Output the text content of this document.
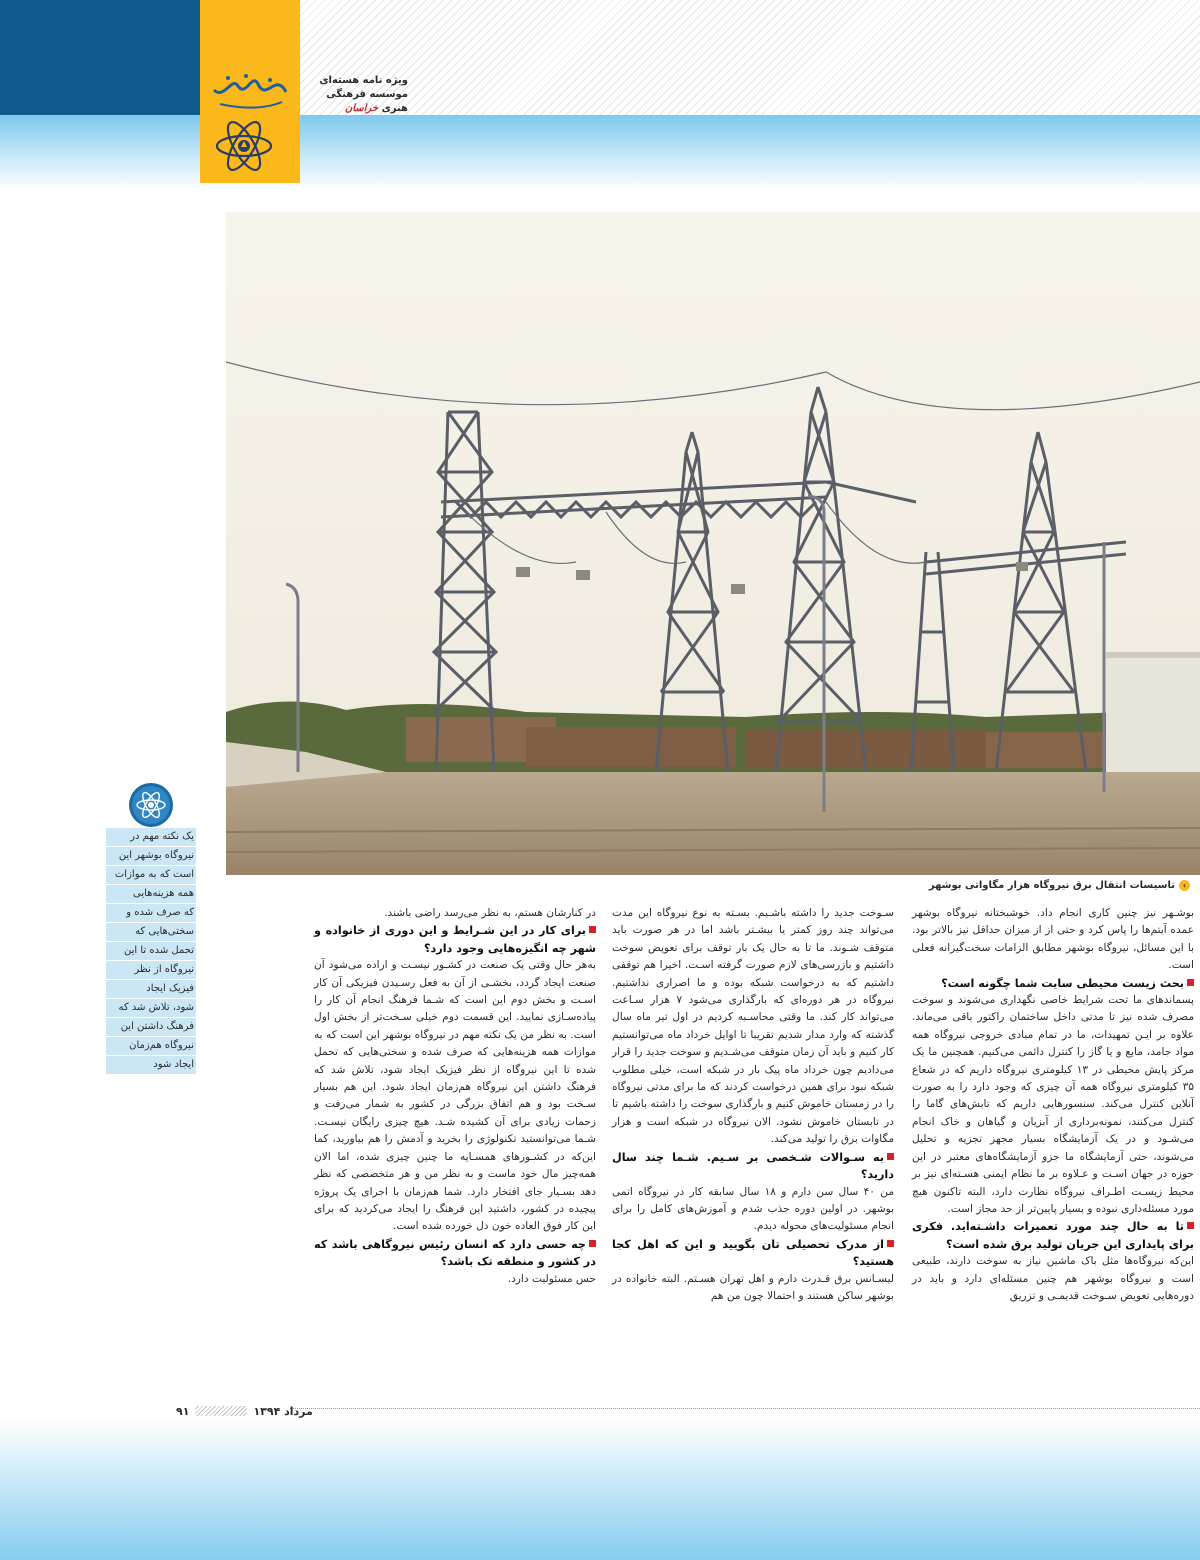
ویژه نامه هسته‌ای
موسسه فرهنگی هنری خراسان
›
تاسیسات انتقال برق نیروگاه هزار مگاواتی بوشهر
یک نکته مهم در
نیروگاه بوشهر این
است که به موازات
همه هزینه‌هایی
که صرف شده و
سختی‌هایی که
تحمل شده تا این
نیروگاه از نظر
فیزیک ایجاد
شود، تلاش شد که
فرهنگ داشتن این
نیروگاه هم‌زمان
ایجاد شود

بوشـهر نیز چنین کاری انجام داد. خوشبختانه نیروگاه بوشهر عمده آیتم‌ها را پاس کرد و حتی از از میزان حداقل نیز بالاتر بود. با این مسائل، نیروگاه بوشهر مطابق الزامات سخت‌گیرانه فعلی است.

بحث زیست محیطی سایت شما چگونه است؟

پسماندهای ما تحت شرایط خاصی نگهداری می‌شوند و سوخت مصرف شده نیز تا مدتی داخل ساختمان راکتور باقی می‌ماند. علاوه بر ایـن تمهیدات، ما در تمام مبادی خروجی نیروگاه همه مواد جامد، مایع و یا گاز را کنترل دائمی می‌کنیم. همچنین ما یک مرکز پایش محیطی در ۱۳ کیلومتری نیروگاه داریم که در شعاع ۳۵ کیلومتری نیروگاه همه آن چیزی که وجود دارد را به صورت آنلاین کنترل می‌کند. سنسورهایی داریم که تابش‌های گاما را کنترل می‌کنند، نمونه‌برداری از آبزیان و گیاهان و خاک انجام می‌شـود و در یک آزمایشگاه بسیار مجهز تجزیه و تحلیل می‌شوند، حتی آزمایشگاه ما جزو آزمایشگاه‌های معتبر در این حوزه در جهان اسـت و عـلاوه بر ما نظام ایمنی هسـته‌ای نیز بر محیط زیسـت اطـراف نیروگاه نظارت دارد، البته تاکنون هیچ مورد مسئله‌داری نبوده و بسیار پایین‌تر از حد مجاز است.

تا به حال چند مورد تعمیرات داشـته‌اید. فکری برای پایداری این جریان تولید برق شده است؟

این‌که نیروگاه‌ها مثل باک ماشین نیاز به سوخت دارند، طبیعی است و نیروگاه بوشهر هم چنین مسئله‌ای دارد و باید در دوره‌هایی تعویض سـوخت قدیمـی و تزریق

سـوخت جدید را داشته باشـیم. بسـته به نوع نیروگاه این مدت می‌تواند چند روز کمتر یا بیشـتر باشد اما در هر صورت باید متوقف شـوند. ما تا به حال یک بار توقف برای تعویض سوخت داشتیم و بازرسی‌های لازم صورت گرفته اسـت. اخیرا هم توقفی داشتیم که به درخواست شبکه بوده و ما اصراری نداشتیم. نیروگاه در هر دوره‌ای که بارگذاری می‌شود ۷ هزار سـاعت می‌تواند کار کند. ما وقتی محاسـبه کردیم در اول تیر ماه سال گذشته که وارد مدار شدیم تقریبا تا اوایل خرداد ماه می‌توانستیم کار کنیم و باید آن زمان متوقف می‌شـدیم و سوخت جدید را قرار می‌دادیم چون خرداد ماه پیک بار در شبکه است، خیلی مطلوب شبکه نبود برای همین درخواست کردند که ما برای مدتی نیروگاه را در زمستان خاموش کنیم و بارگذاری سوخت را داشته باشیم تا در تابستان خاموش نشود. الان نیروگاه در شبکه است و هزار مگاوات برق را تولید می‌کند.

به سـوالات شـخصی بر سـیم. شـما چند سال دارید؟

من ۴۰ سال سن دارم و ۱۸ سال سابقه کار در نیروگاه اتمی بوشهر. در اولین دوره جذب شدم و آموزش‌های کامل را برای انجام مسئولیت‌های محوله دیدم.

از مدرک تحصیلی تان بگویید و این که اهل کجا هستید؟

لیسـانس برق قـدرت دارم و اهل تهران هسـتم. البته خانواده در بوشهر ساکن هستند و احتمالا چون من هم

در کنارشان هستم، به نظر می‌رسد راضی باشند.

برای کار در این شـرایط و این دوری از خانواده و شهر چه انگیزه‌هایی وجود دارد؟

به‌هر حال وقتی یک صنعت در کشـور نیسـت و اراده می‌شود آن صنعت ایجاد گردد، بخشـی از آن به فعل رسـیدن فیزیکی آن کار اسـت و بخش دوم این است که شـما فرهنگ انجام آن کار را پیاده‌سـازی نمایید. این قسمت دوم خیلی سـخت‌تر از بخش اول است. به نظر من یک نکته مهم در نیروگاه بوشهر این است که به موازات همه هزینه‌هایی که صرف شده و سختی‌هایی که تحمل شده تا این نیروگاه از نظر فیزیک ایجاد شود، تلاش شد که فرهنگ داشتن این نیروگاه هم‌زمان ایجاد شود. این هم بسیار سـخت بود و هم اتفاق بزرگی در کشور به شمار می‌رفت و زحمات زیادی برای آن کشیده شـد. هیچ چیزی رایگان نیسـت. شـما می‌توانستید تکنولوژی را بخرید و آدمش را هم بیاورید، کما این‌که در کشـورهای همسـایه ما چنین چیزی شده، اما الان همه‌چیز مال خود ماست و به نظر من و هر متخصصی که نظر دهد بسـیار جای افتخار دارد. شما هم‌زمان با اجرای یک پروژه پیچیده در کشور، داشتید این فرهنگ را ایجاد می‌کردید که برای این کار فوق العاده خون دل خورده شده است.

چه حسی دارد که انسان رئیس نیروگاهی باشد که در کشور و منطقه تک باشد؟

حس مسئولیت دارد.

مرداد ۱۳۹۴
۹۱
